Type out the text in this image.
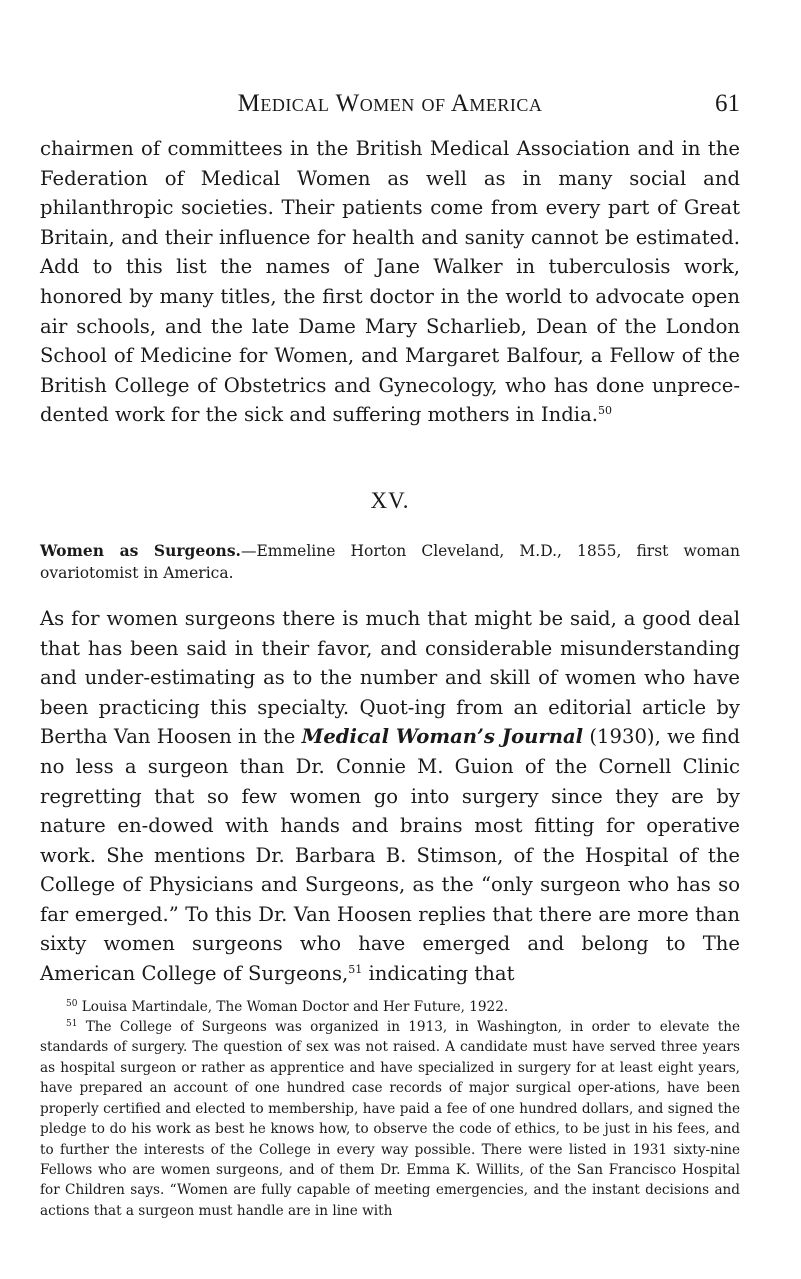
Medical Women of America	61

chairmen of committees in the British Medical Association and in the Federation of Medical Women as well as in many social and philanthropic societies. Their patients come from every part of Great Britain, and their influence for health and sanity cannot be estimated. Add to this list the names of Jane Walker in tuberculosis work, honored by many titles, the first doctor in the world to advocate open air schools, and the late Dame Mary Scharlieb, Dean of the London School of Medicine for Women, and Margaret Balfour, a Fellow of the British College of Obstetrics and Gynecology, who has done unprece-dented work for the sick and suffering mothers in India.$^{50}$

XV.

Women as Surgeons.—Emmeline Horton Cleveland, M.D., 1855, first woman ovariotomist in America.

As for women surgeons there is much that might be said, a good deal that has been said in their favor, and considerable misunderstanding and under-estimating as to the number and skill of women who have been practicing this specialty. Quot-ing from an editorial article by Bertha Van Hoosen in the Medical Woman’s Journal (1930), we find no less a surgeon than Dr. Connie M. Guion of the Cornell Clinic regretting that so few women go into surgery since they are by nature en-dowed with hands and brains most fitting for operative work. She mentions Dr. Barbara B. Stimson, of the Hospital of the College of Physicians and Surgeons, as the “only surgeon who has so far emerged.” To this Dr. Van Hoosen replies that there are more than sixty women surgeons who have emerged and belong to The American College of Surgeons,$^{51}$ indicating that

$^{50}$ Louisa Martindale, The Woman Doctor and Her Future, 1922.

$^{51}$ The College of Surgeons was organized in 1913, in Washington, in order to elevate the standards of surgery. The question of sex was not raised. A candidate must have served three years as hospital surgeon or rather as apprentice and have specialized in surgery for at least eight years, have prepared an account of one hundred case records of major surgical oper-ations, have been properly certified and elected to membership, have paid a fee of one hundred dollars, and signed the pledge to do his work as best he knows how, to observe the code of ethics, to be just in his fees, and to further the interests of the College in every way possible. There were listed in 1931 sixty-nine Fellows who are women surgeons, and of them Dr. Emma K. Willits, of the San Francisco Hospital for Children says. “Women are fully capable of meeting emergencies, and the instant decisions and actions that a surgeon must handle are in line with
